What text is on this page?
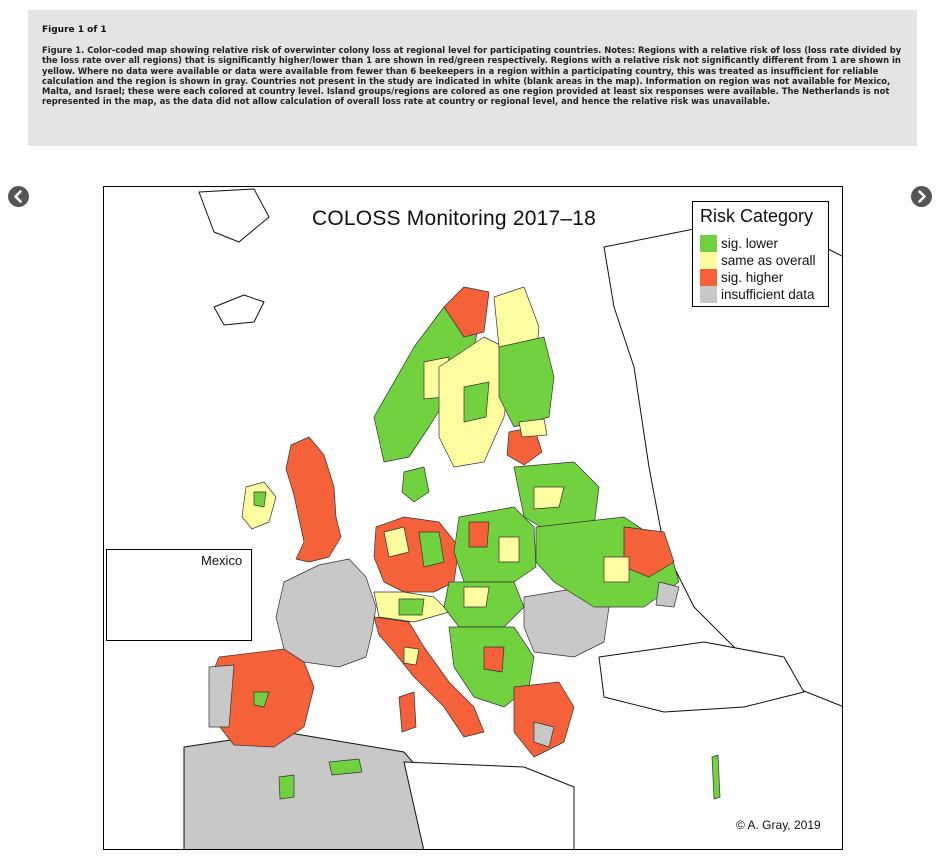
Figure 1 of 1
Figure 1. Color-coded map showing relative risk of overwinter colony loss at regional level for participating countries. Notes: Regions with a relative risk of loss (loss rate divided by the loss rate over all regions) that is significantly higher/lower than 1 are shown in red/green respectively. Regions with a relative risk not significantly different from 1 are shown in yellow. Where no data were available or data were available from fewer than 6 beekeepers in a region within a participating country, this was treated as insufficient for reliable calculation and the region is shown in gray. Countries not present in the study are indicated in white (blank areas in the map). Information on region was not available for Mexico, Malta, and Israel; these were each colored at country level. Island groups/regions are colored as one region provided at least six responses were available. The Netherlands is not represented in the map, as the data did not allow calculation of overall loss rate at country or regional level, and hence the relative risk was unavailable.
COLOSS Monitoring 2017–18	Risk Category
sig. lower
same as overall
sig. higher
insufficient data
Mexico
© A. Gray, 2019
